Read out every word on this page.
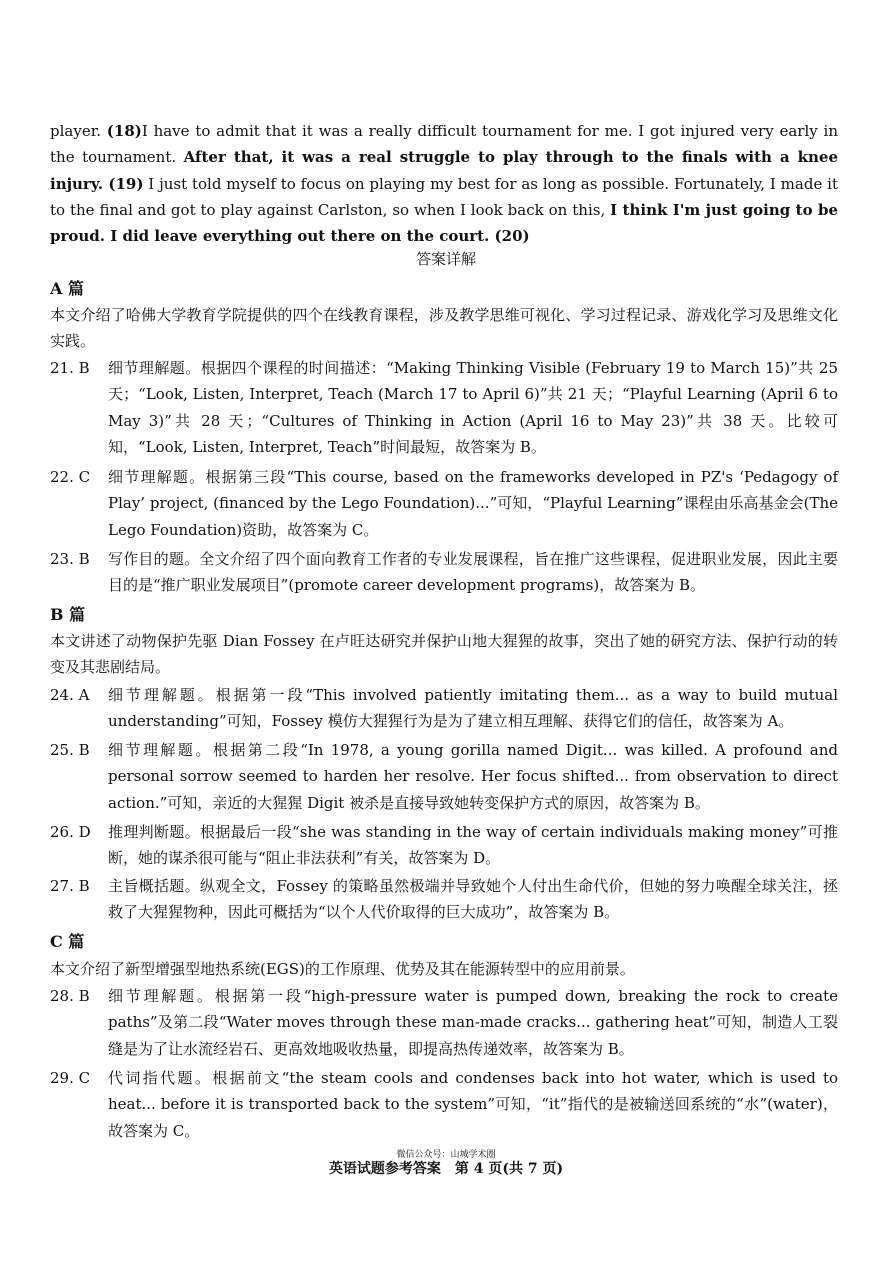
player. (18)I have to admit that it was a really difficult tournament for me. I got injured very early in the tournament. After that, it was a real struggle to play through to the finals with a knee injury. (19) I just told myself to focus on playing my best for as long as possible. Fortunately, I made it to the final and got to play against Carlston, so when I look back on this, I think I'm just going to be proud. I did leave everything out there on the court. (20)

答案详解
A 篇

本文介绍了哈佛大学教育学院提供的四个在线教育课程，涉及教学思维可视化、学习过程记录、游戏化学习及思维文化实践。

21. B	细节理解题。根据四个课程的时间描述：“Making Thinking Visible (February 19 to March 15)”共 25 天；“Look, Listen, Interpret, Teach (March 17 to April 6)”共 21 天；“Playful Learning (April 6 to May 3)”共 28 天；“Cultures of Thinking in Action (April 16 to May 23)”共 38 天。比较可知，“Look, Listen, Interpret, Teach”时间最短，故答案为 B。
22. C	细节理解题。根据第三段“This course, based on the frameworks developed in PZ's ‘Pedagogy of Play’ project, (financed by the Lego Foundation)...”可知，“Playful Learning”课程由乐高基金会(The Lego Foundation)资助，故答案为 C。
23. B	写作目的题。全文介绍了四个面向教育工作者的专业发展课程，旨在推广这些课程，促进职业发展，因此主要目的是“推广职业发展项目”(promote career development programs)，故答案为 B。
B 篇

本文讲述了动物保护先驱 Dian Fossey 在卢旺达研究并保护山地大猩猩的故事，突出了她的研究方法、保护行动的转变及其悲剧结局。

24. A	细节理解题。根据第一段“This involved patiently imitating them... as a way to build mutual understanding”可知，Fossey 模仿大猩猩行为是为了建立相互理解、获得它们的信任，故答案为 A。
25. B	细节理解题。根据第二段“In 1978, a young gorilla named Digit... was killed. A profound and personal sorrow seemed to harden her resolve. Her focus shifted... from observation to direct action.”可知，亲近的大猩猩 Digit 被杀是直接导致她转变保护方式的原因，故答案为 B。
26. D	推理判断题。根据最后一段“she was standing in the way of certain individuals making money”可推断，她的谋杀很可能与“阻止非法获利”有关，故答案为 D。
27. B	主旨概括题。纵观全文，Fossey 的策略虽然极端并导致她个人付出生命代价，但她的努力唤醒全球关注，拯救了大猩猩物种，因此可概括为“以个人代价取得的巨大成功”，故答案为 B。
C 篇

本文介绍了新型增强型地热系统(EGS)的工作原理、优势及其在能源转型中的应用前景。

28. B	细节理解题。根据第一段“high-pressure water is pumped down, breaking the rock to create paths”及第二段“Water moves through these man-made cracks... gathering heat”可知，制造人工裂缝是为了让水流经岩石、更高效地吸收热量，即提高热传递效率，故答案为 B。
29. C	代词指代题。根据前文“the steam cools and condenses back into hot water, which is used to heat... before it is transported back to the system”可知，“it”指代的是被输送回系统的“水”(water)，故答案为 C。
微信公众号：山城学术圈
英语试题参考答案　第 4 页(共 7 页)
